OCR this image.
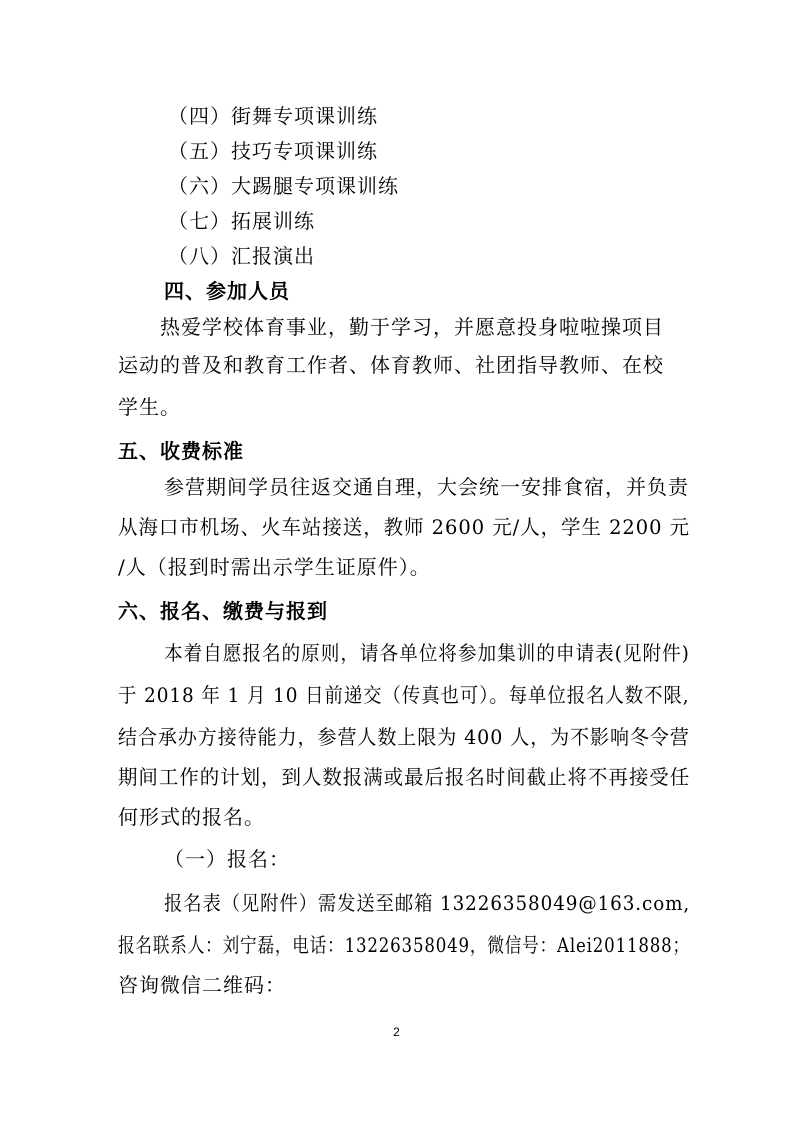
（四）街舞专项课训练
（五）技巧专项课训练
（六）大踢腿专项课训练
（七）拓展训练
（八）汇报演出
四、参加人员
热爱学校体育事业，勤于学习，并愿意投身啦啦操项目
运动的普及和教育工作者、体育教师、社团指导教师、在校
学生。
五、收费标准
参营期间学员往返交通自理，大会统一安排食宿，并负责
从海口市机场、火车站接送，教师 2600 元/人，学生 2200 元
/人（报到时需出示学生证原件）。
六、报名、缴费与报到
本着自愿报名的原则，请各单位将参加集训的申请表(见附件)
于 2018 年 1 月 10 日前递交（传真也可）。每单位报名人数不限,
结合承办方接待能力，参营人数上限为 400 人，为不影响冬令营
期间工作的计划，到人数报满或最后报名时间截止将不再接受任
何形式的报名。
（一）报名：
报名表（见附件）需发送至邮箱 13226358049@163.com,
报名联系人：刘宁磊，电话：13226358049，微信号：Alei2011888；
咨询微信二维码：
2
